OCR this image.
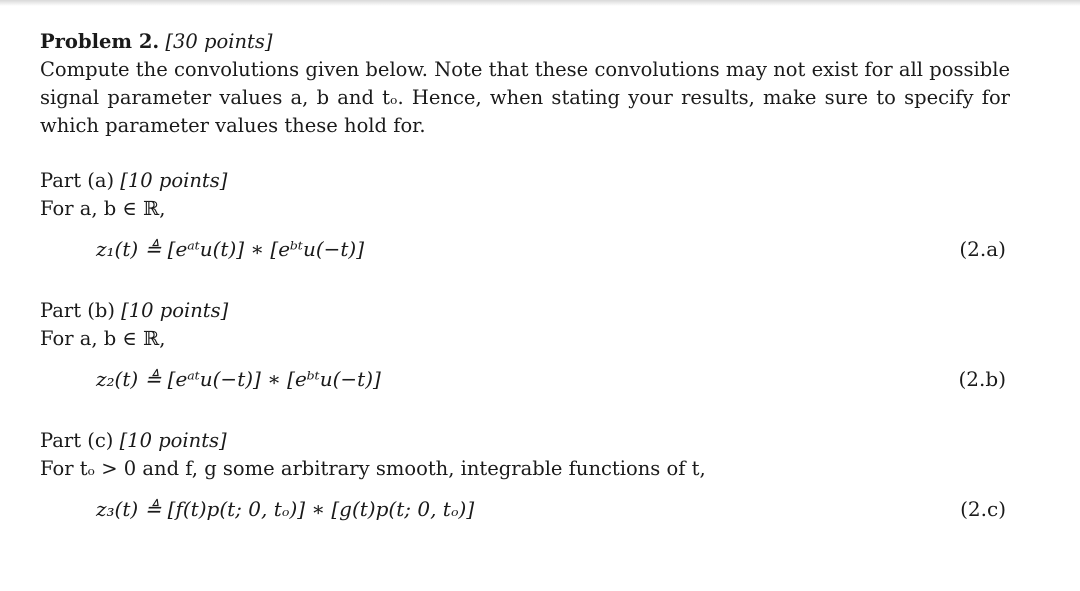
Problem 2. [30 points]
Compute the convolutions given below. Note that these convolutions may not exist for all possible
signal parameter values a, b and tₒ. Hence, when stating your results, make sure to specify for
which parameter values these hold for.
Part (a) [10 points]
For a, b ∈ ℝ,
z₁(t) ≜ [eᵃᵗu(t)] ∗ [eᵇᵗu(−t)]	(2.a)
Part (b) [10 points]
For a, b ∈ ℝ,
z₂(t) ≜ [eᵃᵗu(−t)] ∗ [eᵇᵗu(−t)]	(2.b)
Part (c) [10 points]
For tₒ > 0 and f, g some arbitrary smooth, integrable functions of t,
z₃(t) ≜ [f(t)p(t; 0, tₒ)] ∗ [g(t)p(t; 0, tₒ)]	(2.c)
